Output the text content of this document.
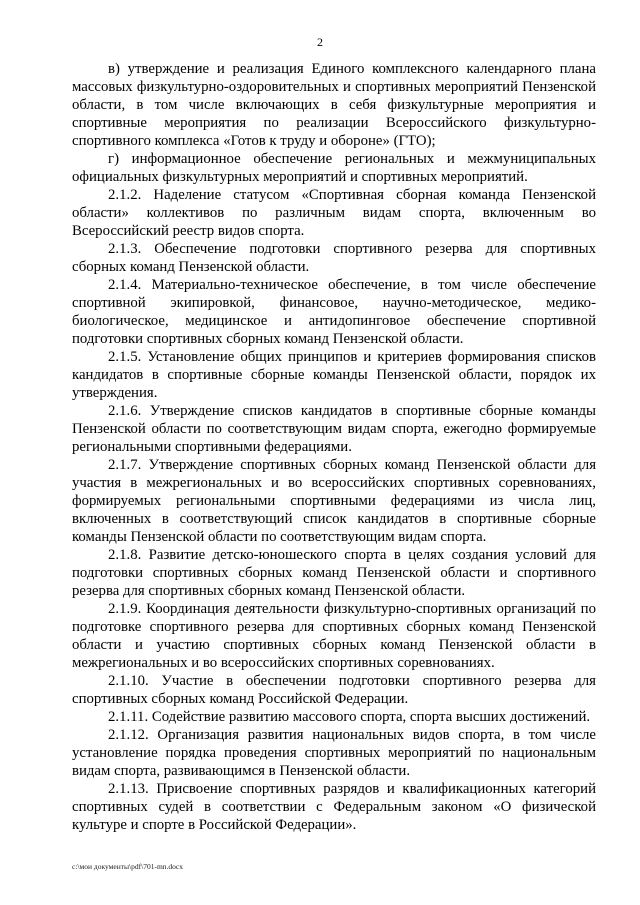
2

в) утверждение и реализация Единого комплексного календарного плана массовых физкультурно-оздоровительных и спортивных мероприятий Пензенской области, в том числе включающих в себя физкультурные мероприятия и спортивные мероприятия по реализации Всероссийского физкультурно-спортивного комплекса «Готов к труду и обороне» (ГТО);

г) информационное обеспечение региональных и межмуниципальных официальных физкультурных мероприятий и спортивных мероприятий.

2.1.2. Наделение статусом «Спортивная сборная команда Пензенской области» коллективов по различным видам спорта, включенным во Всероссийский реестр видов спорта.

2.1.3. Обеспечение подготовки спортивного резерва для спортивных сборных команд Пензенской области.

2.1.4. Материально-техническое обеспечение, в том числе обеспечение спортивной экипировкой, финансовое, научно-методическое, медико-биологическое, медицинское и антидопинговое обеспечение спортивной подготовки спортивных сборных команд Пензенской области.

2.1.5. Установление общих принципов и критериев формирования списков кандидатов в спортивные сборные команды Пензенской области, порядок их утверждения.

2.1.6. Утверждение списков кандидатов в спортивные сборные команды Пензенской области по соответствующим видам спорта, ежегодно формируемые региональными спортивными федерациями.

2.1.7. Утверждение спортивных сборных команд Пензенской области для участия в межрегиональных и во всероссийских спортивных соревнованиях, формируемых региональными спортивными федерациями из числа лиц, включенных в соответствующий список кандидатов в спортивные сборные команды Пензенской области по соответствующим видам спорта.

2.1.8. Развитие детско-юношеского спорта в целях создания условий для подготовки спортивных сборных команд Пензенской области и спортивного резерва для спортивных сборных команд Пензенской области.

2.1.9. Координация деятельности физкультурно-спортивных организаций по подготовке спортивного резерва для спортивных сборных команд Пензенской области и участию спортивных сборных команд Пензенской области в межрегиональных и во всероссийских спортивных соревнованиях.

2.1.10. Участие в обеспечении подготовки спортивного резерва для спортивных сборных команд Российской Федерации.

2.1.11. Содействие развитию массового спорта, спорта высших достижений.

2.1.12. Организация развития национальных видов спорта, в том числе установление порядка проведения спортивных мероприятий по национальным видам спорта, развивающимся в Пензенской области.

2.1.13. Присвоение спортивных разрядов и квалификационных категорий спортивных судей в соответствии с Федеральным законом «О физической культуре и спорте в Российской Федерации».

c:\мои документы\pdf\701-mn.docx
